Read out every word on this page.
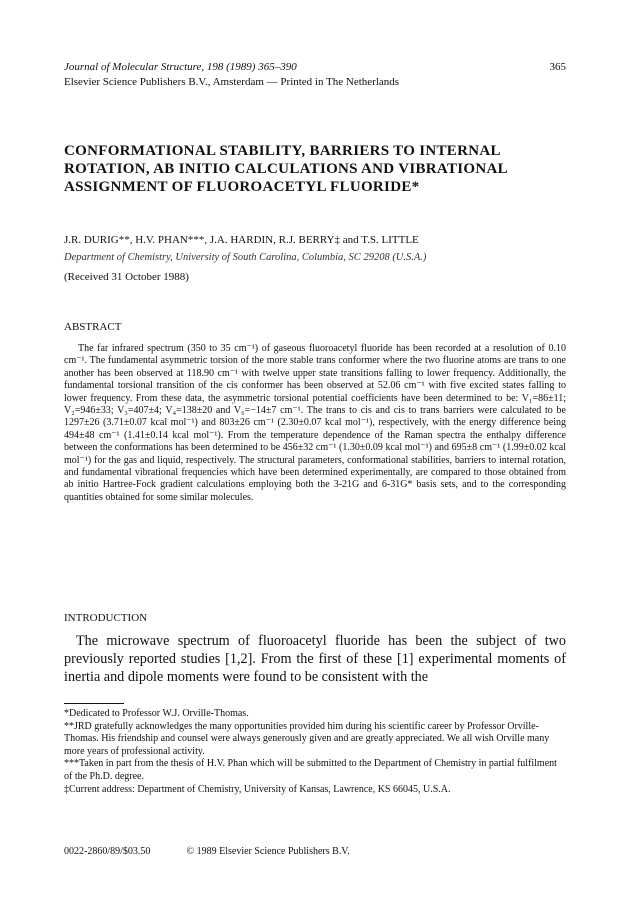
Journal of Molecular Structure, 198 (1989) 365–390
Elsevier Science Publishers B.V., Amsterdam — Printed in The Netherlands
365
CONFORMATIONAL STABILITY, BARRIERS TO INTERNAL
ROTATION, AB INITIO CALCULATIONS AND VIBRATIONAL
ASSIGNMENT OF FLUOROACETYL FLUORIDE*
J.R. DURIG**, H.V. PHAN***, J.A. HARDIN, R.J. BERRY‡ and T.S. LITTLE
Department of Chemistry, University of South Carolina, Columbia, SC 29208 (U.S.A.)
(Received 31 October 1988)
ABSTRACT

The far infrared spectrum (350 to 35 cm⁻¹) of gaseous fluoroacetyl fluoride has been recorded at a resolution of 0.10 cm⁻¹. The fundamental asymmetric torsion of the more stable trans conformer where the two fluorine atoms are trans to one another has been observed at 118.90 cm⁻¹ with twelve upper state transitions falling to lower frequency. Additionally, the fundamental torsional transition of the cis conformer has been observed at 52.06 cm⁻¹ with five excited states falling to lower frequency. From these data, the asymmetric torsional potential coefficients have been determined to be: V₁=86±11; V₂=946±33; V₃=407±4; V₄=138±20 and V₆=−14±7 cm⁻¹. The trans to cis and cis to trans barriers were calculated to be 1297±26 (3.71±0.07 kcal mol⁻¹) and 803±26 cm⁻¹ (2.30±0.07 kcal mol⁻¹), respectively, with the energy difference being 494±48 cm⁻¹ (1.41±0.14 kcal mol⁻¹). From the temperature dependence of the Raman spectra the enthalpy difference between the conformations has been determined to be 456±32 cm⁻¹ (1.30±0.09 kcal mol⁻¹) and 695±8 cm⁻¹ (1.99±0.02 kcal mol⁻¹) for the gas and liquid, respectively. The structural parameters, conformational stabilities, barriers to internal rotation, and fundamental vibrational frequencies which have been determined experimentally, are compared to those obtained from ab initio Hartree-Fock gradient calculations employing both the 3-21G and 6-31G* basis sets, and to the corresponding quantities obtained for some similar molecules.

INTRODUCTION

The microwave spectrum of fluoroacetyl fluoride has been the subject of two previously reported studies [1,2]. From the first of these [1] experimental moments of inertia and dipole moments were found to be consistent with the

*Dedicated to Professor W.J. Orville-Thomas.

**JRD gratefully acknowledges the many opportunities provided him during his scientific career by Professor Orville-Thomas. His friendship and counsel were always generously given and are greatly appreciated. We all wish Orville many more years of professional activity.

***Taken in part from the thesis of H.V. Phan which will be submitted to the Department of Chemistry in partial fulfilment of the Ph.D. degree.

‡Current address: Department of Chemistry, University of Kansas, Lawrence, KS 66045, U.S.A.

0022-2860/89/$03.50	© 1989 Elsevier Science Publishers B.V.
